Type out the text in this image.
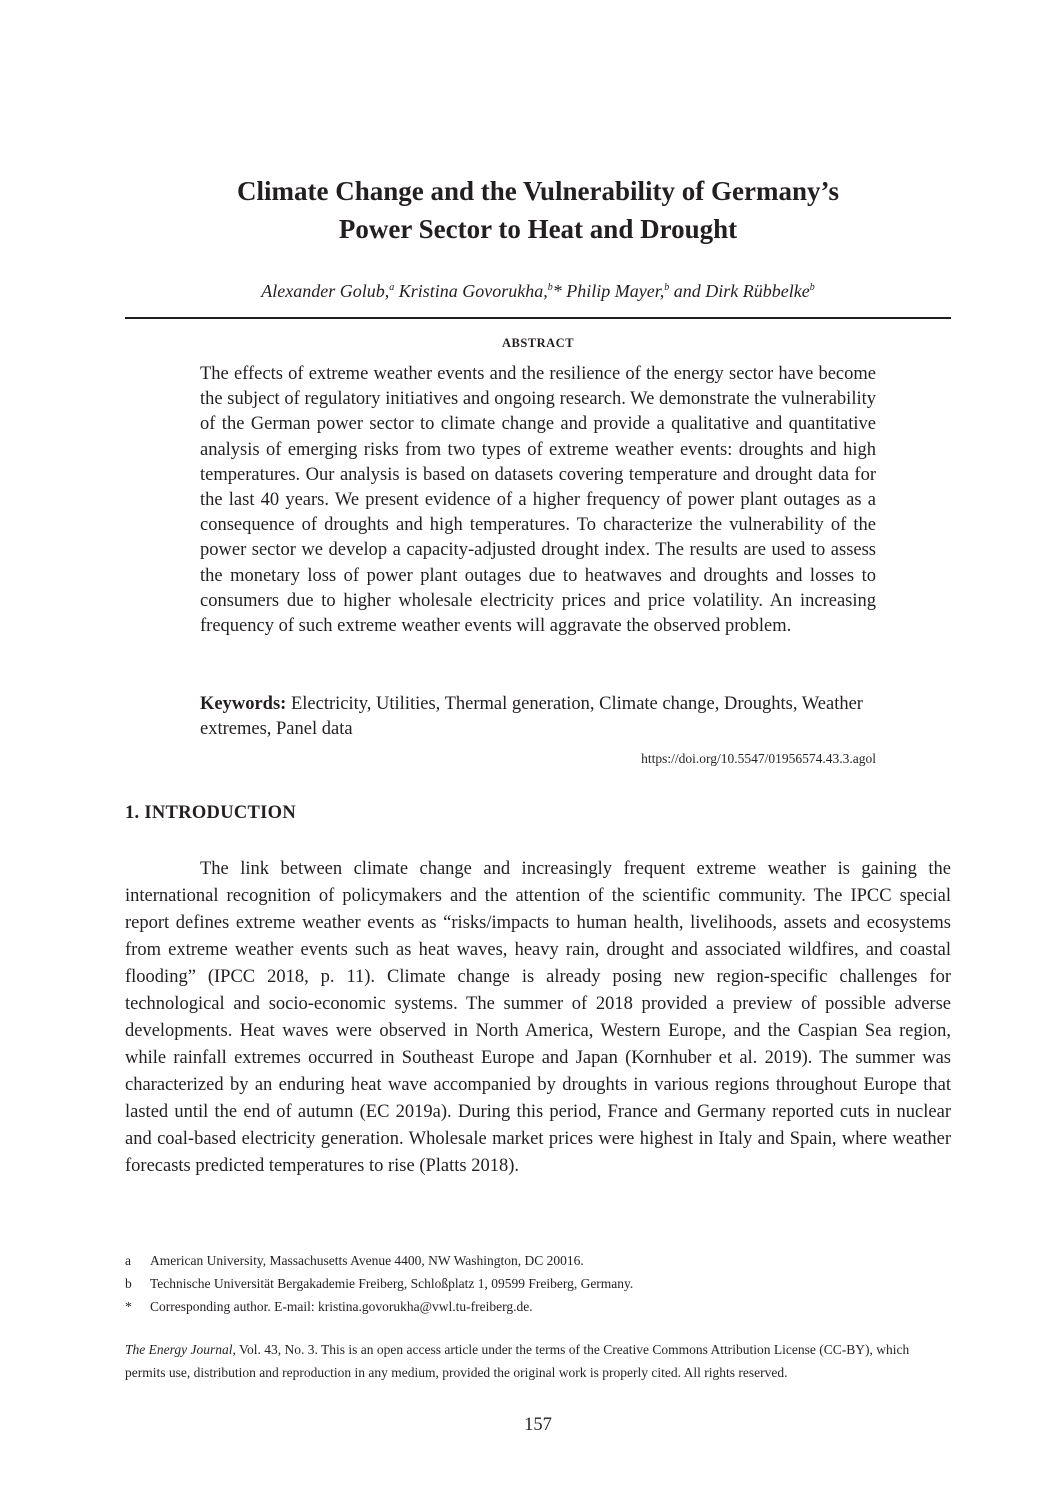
Climate Change and the Vulnerability of Germany’s
Power Sector to Heat and Drought
Alexander Golub,$^a$ Kristina Govorukha,$^b$* Philip Mayer,$^b$ and Dirk Rübbelke$^b$
ABSTRACT

The effects of extreme weather events and the resilience of the energy sector have become the subject of regulatory initiatives and ongoing research. We demonstrate the vulnerability of the German power sector to climate change and provide a qualitative and quantitative analysis of emerging risks from two types of extreme weather events: droughts and high temperatures. Our analysis is based on datasets covering temperature and drought data for the last 40 years. We present evidence of a higher frequency of power plant outages as a consequence of droughts and high temperatures. To characterize the vulnerability of the power sector we develop a capacity-adjusted drought index. The results are used to assess the monetary loss of power plant outages due to heatwaves and droughts and losses to consumers due to higher wholesale electricity prices and price volatility. An increasing frequency of such extreme weather events will aggravate the observed problem.

Keywords: Electricity, Utilities, Thermal generation, Climate change, Droughts, Weather extremes, Panel data

https://doi.org/10.5547/01956574.43.3.agol
1. INTRODUCTION

The link between climate change and increasingly frequent extreme weather is gaining the international recognition of policymakers and the attention of the scientific community. The IPCC special report defines extreme weather events as “risks/impacts to human health, livelihoods, assets and ecosystems from extreme weather events such as heat waves, heavy rain, drought and associated wildfires, and coastal flooding” (IPCC 2018, p. 11). Climate change is already posing new region-specific challenges for technological and socio-economic systems. The summer of 2018 provided a preview of possible adverse developments. Heat waves were observed in North America, Western Europe, and the Caspian Sea region, while rainfall extremes occurred in Southeast Europe and Japan (Kornhuber et al. 2019). The summer was characterized by an enduring heat wave accompanied by droughts in various regions throughout Europe that lasted until the end of autumn (EC 2019a). During this period, France and Germany reported cuts in nuclear and coal-based electricity generation. Wholesale market prices were highest in Italy and Spain, where weather forecasts predicted temperatures to rise (Platts 2018).

a	American University, Massachusetts Avenue 4400, NW Washington, DC 20016.
b	Technische Universität Bergakademie Freiberg, Schloßplatz 1, 09599 Freiberg, Germany.
*	Corresponding author. E-mail: kristina.govorukha@vwl.tu-freiberg.de.

The Energy Journal, Vol. 43, No. 3. This is an open access article under the terms of the Creative Commons Attribution License (CC-BY), which permits use, distribution and reproduction in any medium, provided the original work is properly cited. All rights reserved.

157
